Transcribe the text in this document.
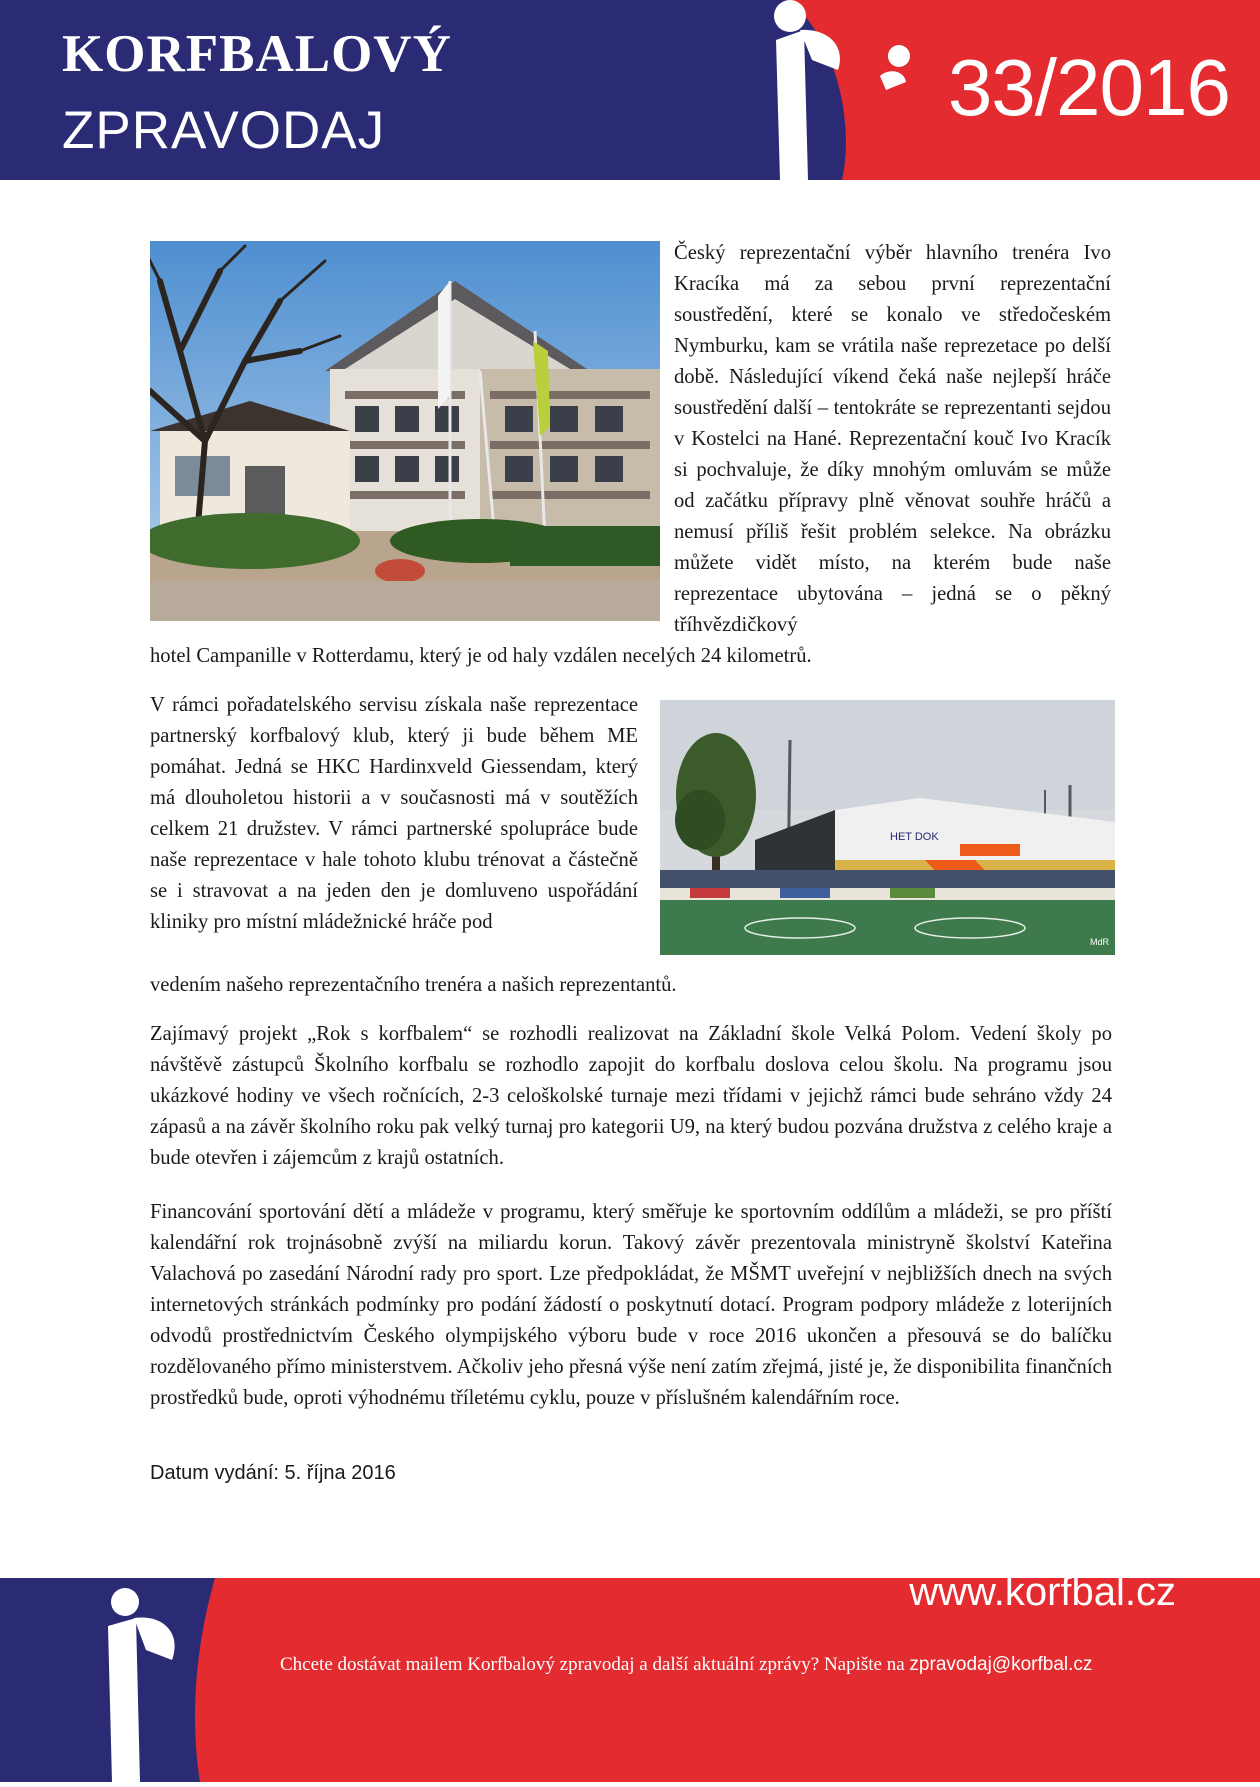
KORFBALOVÝ
ZPRAVODAJ	33/2016

Český reprezentační výběr hlavního trenéra Ivo Kracíka má za sebou první reprezentační soustředění, které se konalo ve středočeském Nymburku, kam se vrátila naše reprezetace po delší době. Následující víkend čeká naše nejlepší hráče soustředění další – tentokráte se reprezentanti sejdou v Kostelci na Hané. Reprezentační kouč Ivo Kracík si pochvaluje, že díky mnohým omluvám se může od začátku přípravy plně věnovat souhře hráčů a nemusí příliš řešit problém selekce. Na obrázku můžete vidět místo, na kterém bude naše reprezentace ubytována – jedná se o pěkný tříhvězdičkový

hotel Campanille v Rotterdamu, který je od haly vzdálen necelých 24 kilometrů.

HET DOK
MdR

V rámci pořadatelského servisu získala naše reprezentace partnerský korfbalový klub, který ji bude během ME pomáhat. Jedná se HKC Hardinxveld Giessendam, který má dlouholetou historii a v současnosti má v soutěžích celkem 21 družstev. V rámci partnerské spolupráce bude naše reprezentace v hale tohoto klubu trénovat a částečně se i stravovat a na jeden den je domluveno uspořádání kliniky pro místní mládežnické hráče pod

vedením našeho reprezentačního trenéra a našich reprezentantů.

Zajímavý projekt „Rok s korfbalem“ se rozhodli realizovat na Základní škole Velká Polom. Vedení školy po návštěvě zástupců Školního korfbalu se rozhodlo zapojit do korfbalu doslova celou školu. Na programu jsou ukázkové hodiny ve všech ročnících, 2-3 celoškolské turnaje mezi třídami v jejichž rámci bude sehráno vždy 24 zápasů a na závěr školního roku pak velký turnaj pro kategorii U9, na který budou pozvána družstva z celého kraje a bude otevřen i zájemcům z krajů ostatních.

Financování sportování dětí a mládeže v programu, který směřuje ke sportovním oddílům a mládeži, se pro příští kalendářní rok trojnásobně zvýší na miliardu korun. Takový závěr prezentovala ministryně školství Kateřina Valachová po zasedání Národní rady pro sport. Lze předpokládat, že MŠMT uveřejní v nejbližších dnech na svých internetových stránkách podmínky pro podání žádostí o poskytnutí dotací. Program podpory mládeže z loterijních odvodů prostřednictvím Českého olympijského výboru bude v roce 2016 ukončen a přesouvá se do balíčku rozdělovaného přímo ministerstvem. Ačkoliv jeho přesná výše není zatím zřejmá, jisté je, že disponibilita finančních prostředků bude, oproti výhodnému tříletému cyklu, pouze v příslušném kalendářním roce.

Datum vydání: 5. října 2016
www.korfbal.cz
Chcete dostávat mailem Korfbalový zpravodaj a další aktuální zprávy? Napište na zpravodaj@korfbal.cz
